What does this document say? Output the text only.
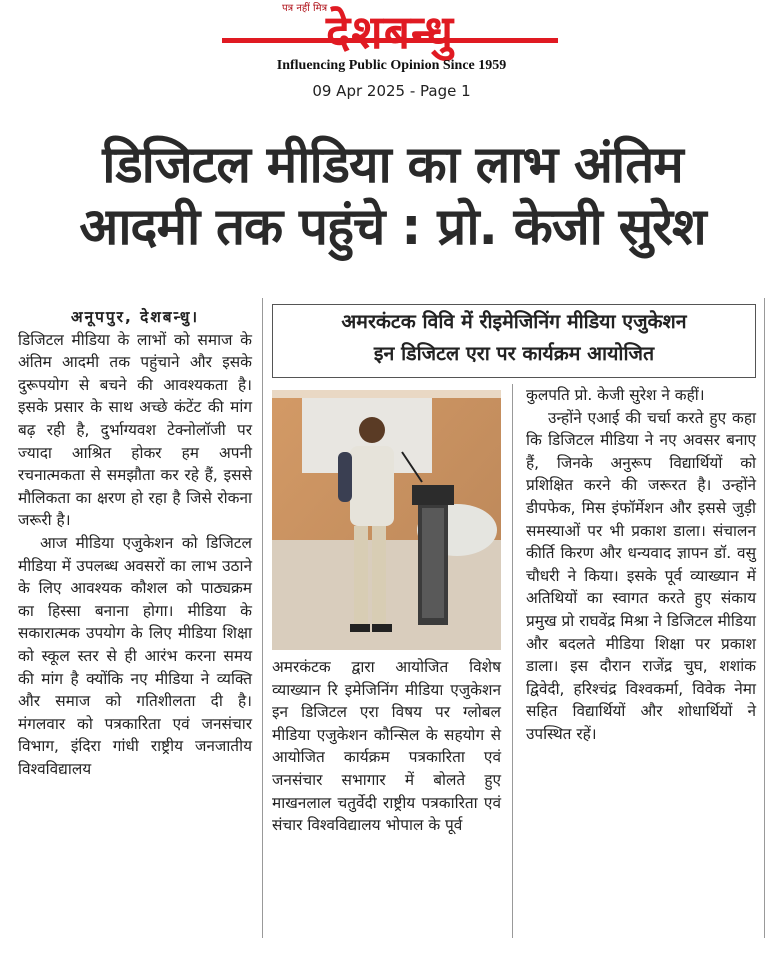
देशबन्धु
पत्र नहीं मित्र
Influencing Public Opinion Since 1959
09 Apr 2025 - Page 1
डिजिटल मीडिया का लाभ अंतिम
आदमी तक पहुंचे : प्रो. केजी सुरेश
अनूपपुर, देशबन्धु।

डिजिटल मीडिया के लाभों को समाज के अंतिम आदमी तक पहुंचाने और इसके दुरूपयोग से बचने की आवश्यकता है। इसके प्रसार के साथ अच्छे कंटेंट की मांग बढ़ रही है, दुर्भाग्यवश टेक्नोलॉजी पर ज्यादा आश्रित होकर हम अपनी रचनात्मकता से समझौता कर रहे हैं, इससे मौलिकता का क्षरण हो रहा है जिसे रोकना जरूरी है।

आज मीडिया एजुकेशन को डिजिटल मीडिया में उपलब्ध अवसरों का लाभ उठाने के लिए आवश्यक कौशल को पाठ्यक्रम का हिस्सा बनाना होगा। मीडिया के सकारात्मक उपयोग के लिए मीडिया शिक्षा को स्कूल स्तर से ही आरंभ करना समय की मांग है क्योंकि नए मीडिया ने व्यक्ति और समाज को गतिशीलता दी है। मंगलवार को पत्रकारिता एवं जनसंचार विभाग, इंदिरा गांधी राष्ट्रीय जनजातीय विश्वविद्यालय

अमरकंटक विवि में रीइमेजिनिंग मीडिया एजुकेशन
इन डिजिटल एरा पर कार्यक्रम आयोजित

अमरकंटक द्वारा आयोजित विशेष व्याख्यान रि इमेजिनिंग मीडिया एजुकेशन इन डिजिटल एरा विषय पर ग्लोबल मीडिया एजुकेशन कौन्सिल के सहयोग से आयोजित कार्यक्रम पत्रकारिता एवं जनसंचार सभागार में बोलते हुए माखनलाल चतुर्वेदी राष्ट्रीय पत्रकारिता एवं संचार विश्वविद्यालय भोपाल के पूर्व

कुलपति प्रो. केजी सुरेश ने कहीं।

उन्होंने एआई की चर्चा करते हुए कहा कि डिजिटल मीडिया ने नए अवसर बनाए हैं, जिनके अनुरूप विद्यार्थियों को प्रशिक्षित करने की जरूरत है। उन्होंने डीपफेक, मिस इंफॉर्मेशन और इससे जुड़ी समस्याओं पर भी प्रकाश डाला। संचालन कीर्ति किरण और धन्यवाद ज्ञापन डॉ. वसु चौधरी ने किया। इसके पूर्व व्याख्यान में अतिथियों का स्वागत करते हुए संकाय प्रमुख प्रो राघवेंद्र मिश्रा ने डिजिटल मीडिया और बदलते मीडिया शिक्षा पर प्रकाश डाला। इस दौरान राजेंद्र चुघ, शशांक द्विवेदी, हरिश्चंद्र विश्वकर्मा, विवेक नेमा सहित विद्यार्थियों और शोधार्थियों ने उपस्थित रहें।
